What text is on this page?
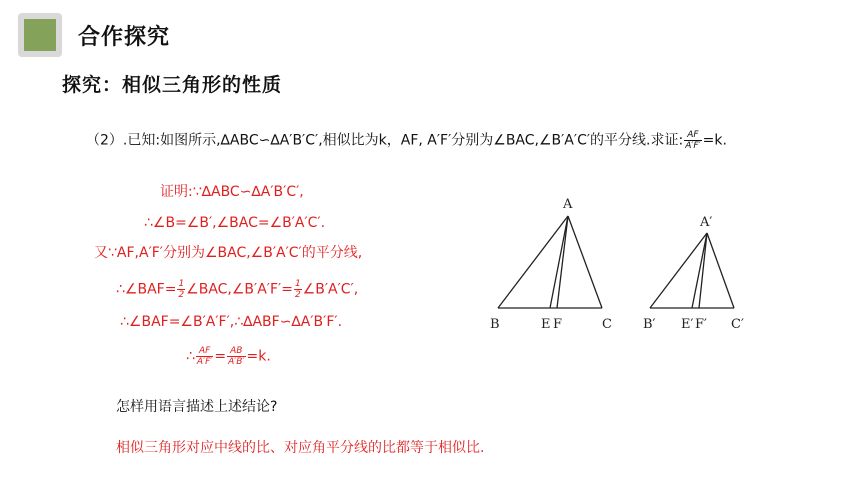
合作探究
探究：相似三角形的性质
（2）.已知:如图所示,∆ABC∽∆A′B′C′,相似比为k，AF, A′F′分别为∠BAC,∠B′A′C′的平分线.求证: $\frac{AF}{A'F'} =k$.
证明:∵∆ABC∽∆A′B′C′,
∴∠B=∠B′,∠BAC=∠B′A′C′.
又∵AF,A′F′分别为∠BAC,∠B′A′C′的平分线,
∴∠BAF= $\frac{1}{2}$ ∠BAC,∠B′A′F′= $\frac{1}{2}$ ∠B′A′C′,
∴∠BAF=∠B′A′F′,∴∆ABF∽∆A′B′F′.
∴ $\frac{AF}{A'F'} = \frac{AB}{A'B'} =k$.
A
B	E F	C
A′
B′ E′ F′ C′
怎样用语言描述上述结论?
相似三角形对应中线的比、对应角平分线的比都等于相似比.
